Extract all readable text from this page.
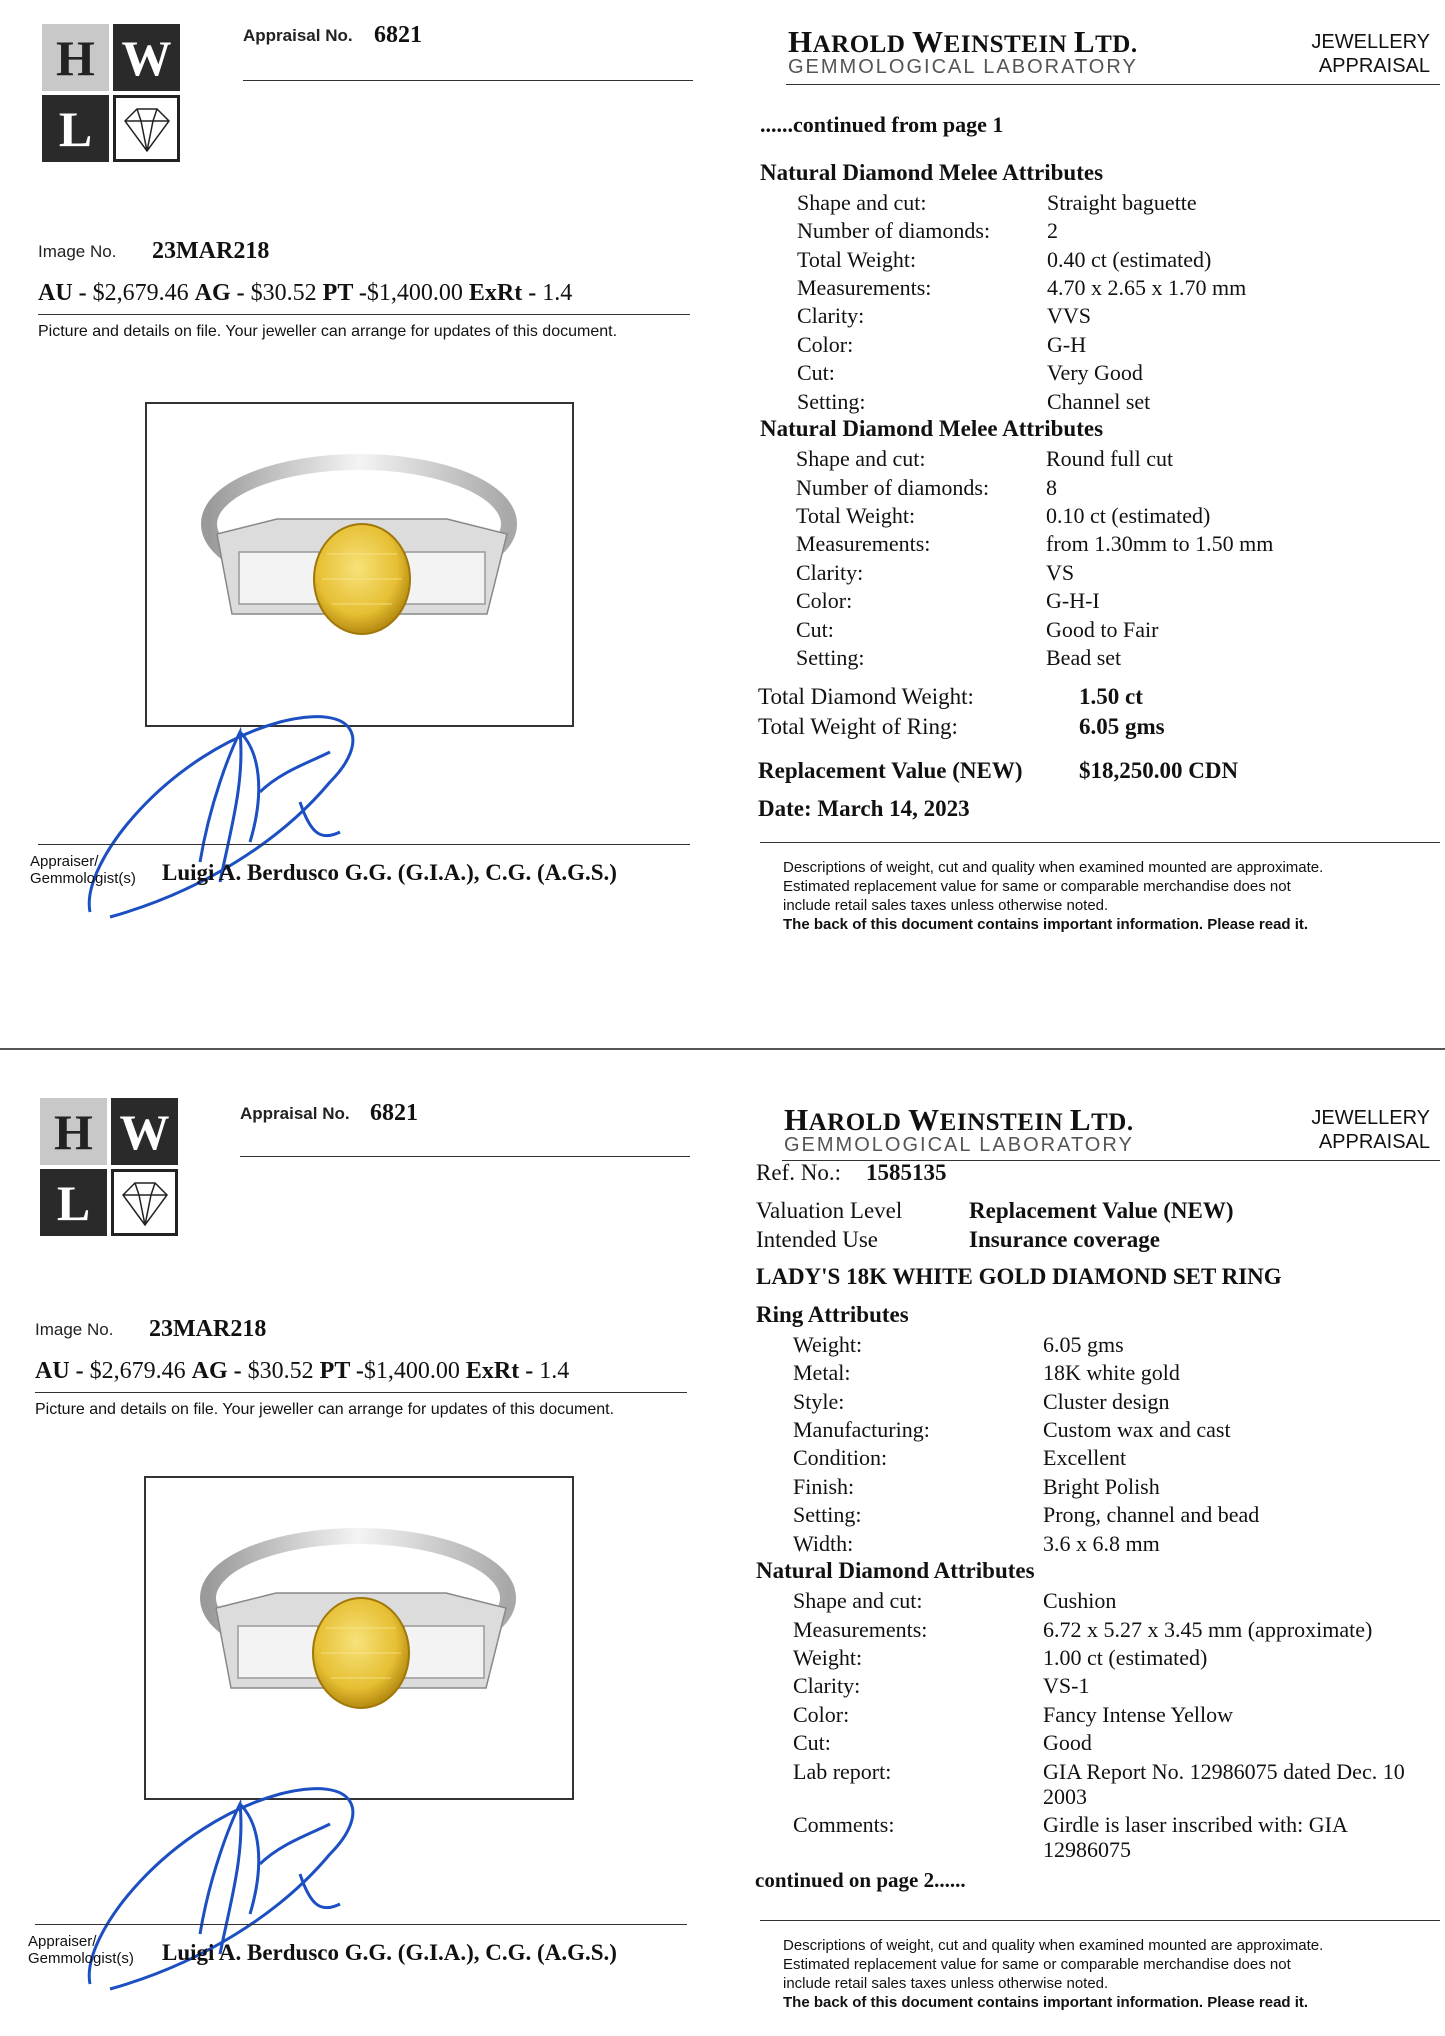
H W
L
Appraisal No. 6821
Image No. 23MAR218
AU - $2,679.46 AG - $30.52 PT -$1,400.00 ExRt - 1.4
Picture and details on file. Your jeweller can arrange for updates of this document.
Appraiser/
Gemmologist(s) Luigi A. Berdusco G.G. (G.I.A.), C.G. (A.G.S.)
HAROLD WEINSTEIN LTD.
GEMMOLOGICAL LABORATORY
JEWELLERY
APPRAISAL
......continued from page 1
Natural Diamond Melee Attributes
Shape and cut:	Straight baguette
Number of diamonds:	2
Total Weight:	0.40 ct (estimated)
Measurements:	4.70 x 2.65 x 1.70 mm
Clarity:	VVS
Color:	G-H
Cut:	Very Good
Setting:	Channel set
Natural Diamond Melee Attributes
Shape and cut:	Round full cut
Number of diamonds:	8
Total Weight:	0.10 ct (estimated)
Measurements:	from 1.30mm to 1.50 mm
Clarity:	VS
Color:	G-H-I
Cut:	Good to Fair
Setting:	Bead set
Total Diamond Weight:	1.50 ct
Total Weight of Ring:	6.05 gms
Replacement Value (NEW) $18,250.00 CDN
Date: March 14, 2023
Descriptions of weight, cut and quality when examined mounted are approximate.
Estimated replacement value for same or comparable merchandise does not
include retail sales taxes unless otherwise noted.
The back of this document contains important information. Please read it.
H W
L
Appraisal No. 6821
Image No. 23MAR218
AU - $2,679.46 AG - $30.52 PT -$1,400.00 ExRt - 1.4
Picture and details on file. Your jeweller can arrange for updates of this document.
Appraiser/
Gemmologist(s) Luigi A. Berdusco G.G. (G.I.A.), C.G. (A.G.S.)
HAROLD WEINSTEIN LTD.
GEMMOLOGICAL LABORATORY
JEWELLERY
APPRAISAL
Ref. No.: 1585135
Valuation Level	Replacement Value (NEW)
Intended Use	Insurance coverage
LADY'S 18K WHITE GOLD DIAMOND SET RING
Ring Attributes
Weight:	6.05 gms
Metal:	18K white gold
Style:	Cluster design
Manufacturing:	Custom wax and cast
Condition:	Excellent
Finish:	Bright Polish
Setting:	Prong, channel and bead
Width:	3.6 x 6.8 mm
Natural Diamond Attributes
Shape and cut:	Cushion
Measurements:	6.72 x 5.27 x 3.45 mm (approximate)
Weight:	1.00 ct (estimated)
Clarity:	VS-1
Color:	Fancy Intense Yellow
Cut:	Good
Lab report:	GIA Report No. 12986075 dated Dec. 10
2003
Comments:	Girdle is laser inscribed with: GIA
12986075
continued on page 2......
Descriptions of weight, cut and quality when examined mounted are approximate.
Estimated replacement value for same or comparable merchandise does not
include retail sales taxes unless otherwise noted.
The back of this document contains important information. Please read it.
